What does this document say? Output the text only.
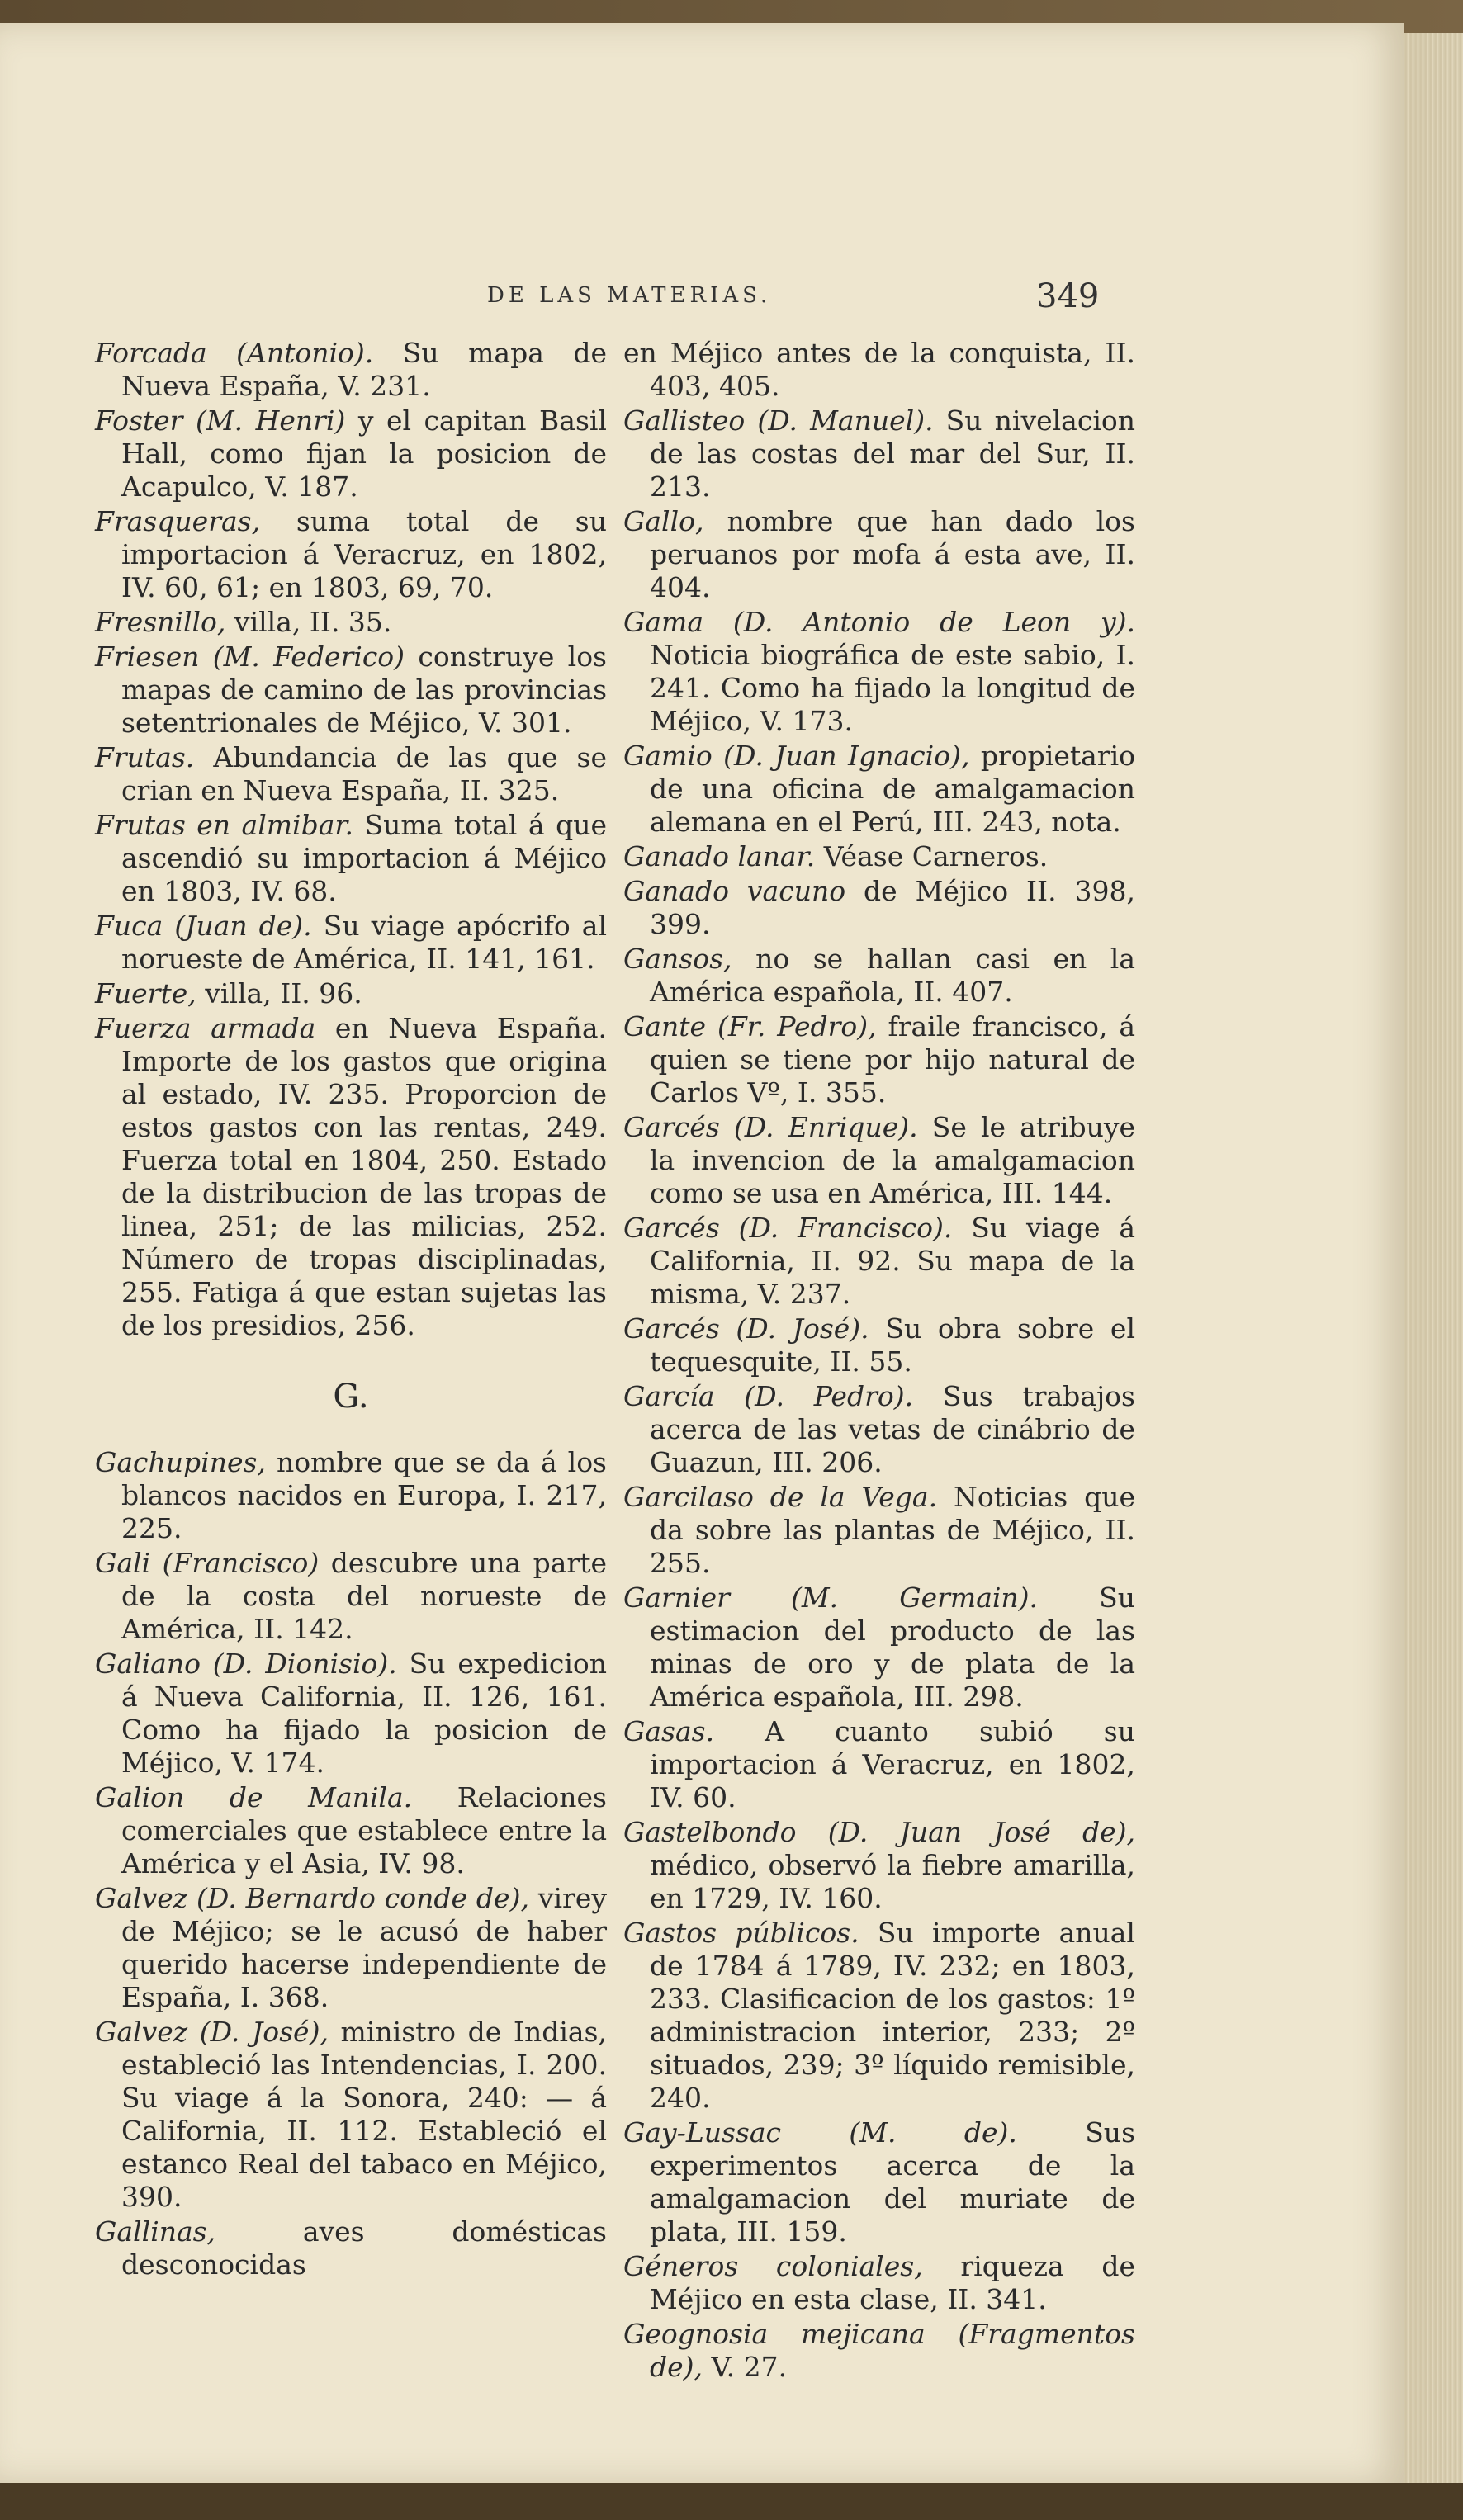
DE LAS MATERIAS.	349

Forcada (Antonio). Su mapa de Nueva España, V. 231.

Foster (M. Henri) y el capitan Basil Hall, como fijan la posicion de Acapulco, V. 187.

Frasqueras, suma total de su importacion á Veracruz, en 1802, IV. 60, 61; en 1803, 69, 70.

Fresnillo, villa, II. 35.

Friesen (M. Federico) construye los mapas de camino de las provincias setentrionales de Méjico, V. 301.

Frutas. Abundancia de las que se crian en Nueva España, II. 325.

Frutas en almibar. Suma total á que ascendió su importacion á Méjico en 1803, IV. 68.

Fuca (Juan de). Su viage apócrifo al norueste de América, II. 141, 161.

Fuerte, villa, II. 96.

Fuerza armada en Nueva España. Importe de los gastos que origina al estado, IV. 235. Proporcion de estos gastos con las rentas, 249. Fuerza total en 1804, 250. Estado de la distribucion de las tropas de linea, 251; de las milicias, 252. Número de tropas disciplinadas, 255. Fatiga á que estan sujetas las de los presidios, 256.

G.

Gachupines, nombre que se da á los blancos nacidos en Europa, I. 217, 225.

Gali (Francisco) descubre una parte de la costa del norueste de América, II. 142.

Galiano (D. Dionisio). Su expedicion á Nueva California, II. 126, 161. Como ha fijado la posicion de Méjico, V. 174.

Galion de Manila. Relaciones comerciales que establece entre la América y el Asia, IV. 98.

Galvez (D. Bernardo conde de), virey de Méjico; se le acusó de haber querido hacerse independiente de España, I. 368.

Galvez (D. José), ministro de Indias, estableció las Intendencias, I. 200. Su viage á la Sonora, 240: — á California, II. 112. Estableció el estanco Real del tabaco en Méjico, 390.

Gallinas,	aves domésticas desconocidas

en Méjico antes de la conquista, II. 403, 405.

Gallisteo (D. Manuel). Su nivelacion de las costas del mar del Sur, II. 213.

Gallo, nombre que han dado los peruanos por mofa á esta ave, II. 404.

Gama (D. Antonio de Leon y). Noticia biográfica de este sabio, I. 241. Como ha fijado la longitud de Méjico, V. 173.

Gamio (D. Juan Ignacio), propietario de una oficina de amalgamacion alemana en el Perú, III. 243, nota.

Ganado lanar. Véase Carneros.

Ganado vacuno de Méjico II. 398, 399.

Gansos, no se hallan casi en la América española, II. 407.

Gante (Fr. Pedro), fraile francisco, á quien se tiene por hijo natural de Carlos Vº, I. 355.

Garcés (D. Enrique). Se le atribuye la invencion de la amalgamacion como se usa en América, III. 144.

Garcés (D. Francisco). Su viage á California, II. 92. Su mapa de la misma, V. 237.

Garcés (D. José). Su obra sobre el tequesquite, II. 55.

García (D. Pedro). Sus trabajos acerca de las vetas de cinábrio de Guazun, III. 206.

Garcilaso de la Vega. Noticias que da sobre las plantas de Méjico, II. 255.

Garnier (M. Germain). Su estimacion del producto de las minas de oro y de plata de la América española, III. 298.

Gasas. A cuanto subió su importacion á Veracruz, en 1802, IV. 60.

Gastelbondo (D. Juan José de), médico, observó la fiebre amarilla, en 1729, IV. 160.

Gastos públicos. Su importe anual de 1784 á 1789, IV. 232; en 1803, 233. Clasificacion de los gastos: 1º administracion interior, 233; 2º situados, 239; 3º líquido remisible, 240.

Gay-Lussac (M. de). Sus experimentos acerca de la amalgamacion del muriate de plata, III. 159.

Géneros coloniales, riqueza de Méjico en esta clase, II. 341.

Geognosia mejicana (Fragmentos de), V. 27.
